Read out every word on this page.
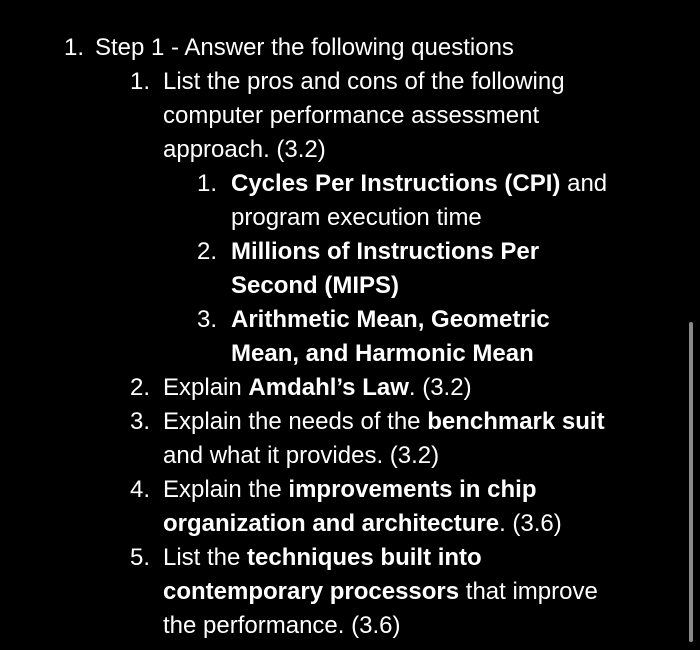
1. Step 1 - Answer the following questions
1. List the pros and cons of the following
computer performance assessment
approach. (3.2)
1. Cycles Per Instructions (CPI) and
program execution time
2. Millions of Instructions Per
Second (MIPS)
3. Arithmetic Mean, Geometric
Mean, and Harmonic Mean
2. Explain Amdahl’s Law. (3.2)
3. Explain the needs of the benchmark suit
and what it provides. (3.2)
4. Explain the improvements in chip
organization and architecture. (3.6)
5. List the techniques built into
contemporary processors that improve
the performance. (3.6)
